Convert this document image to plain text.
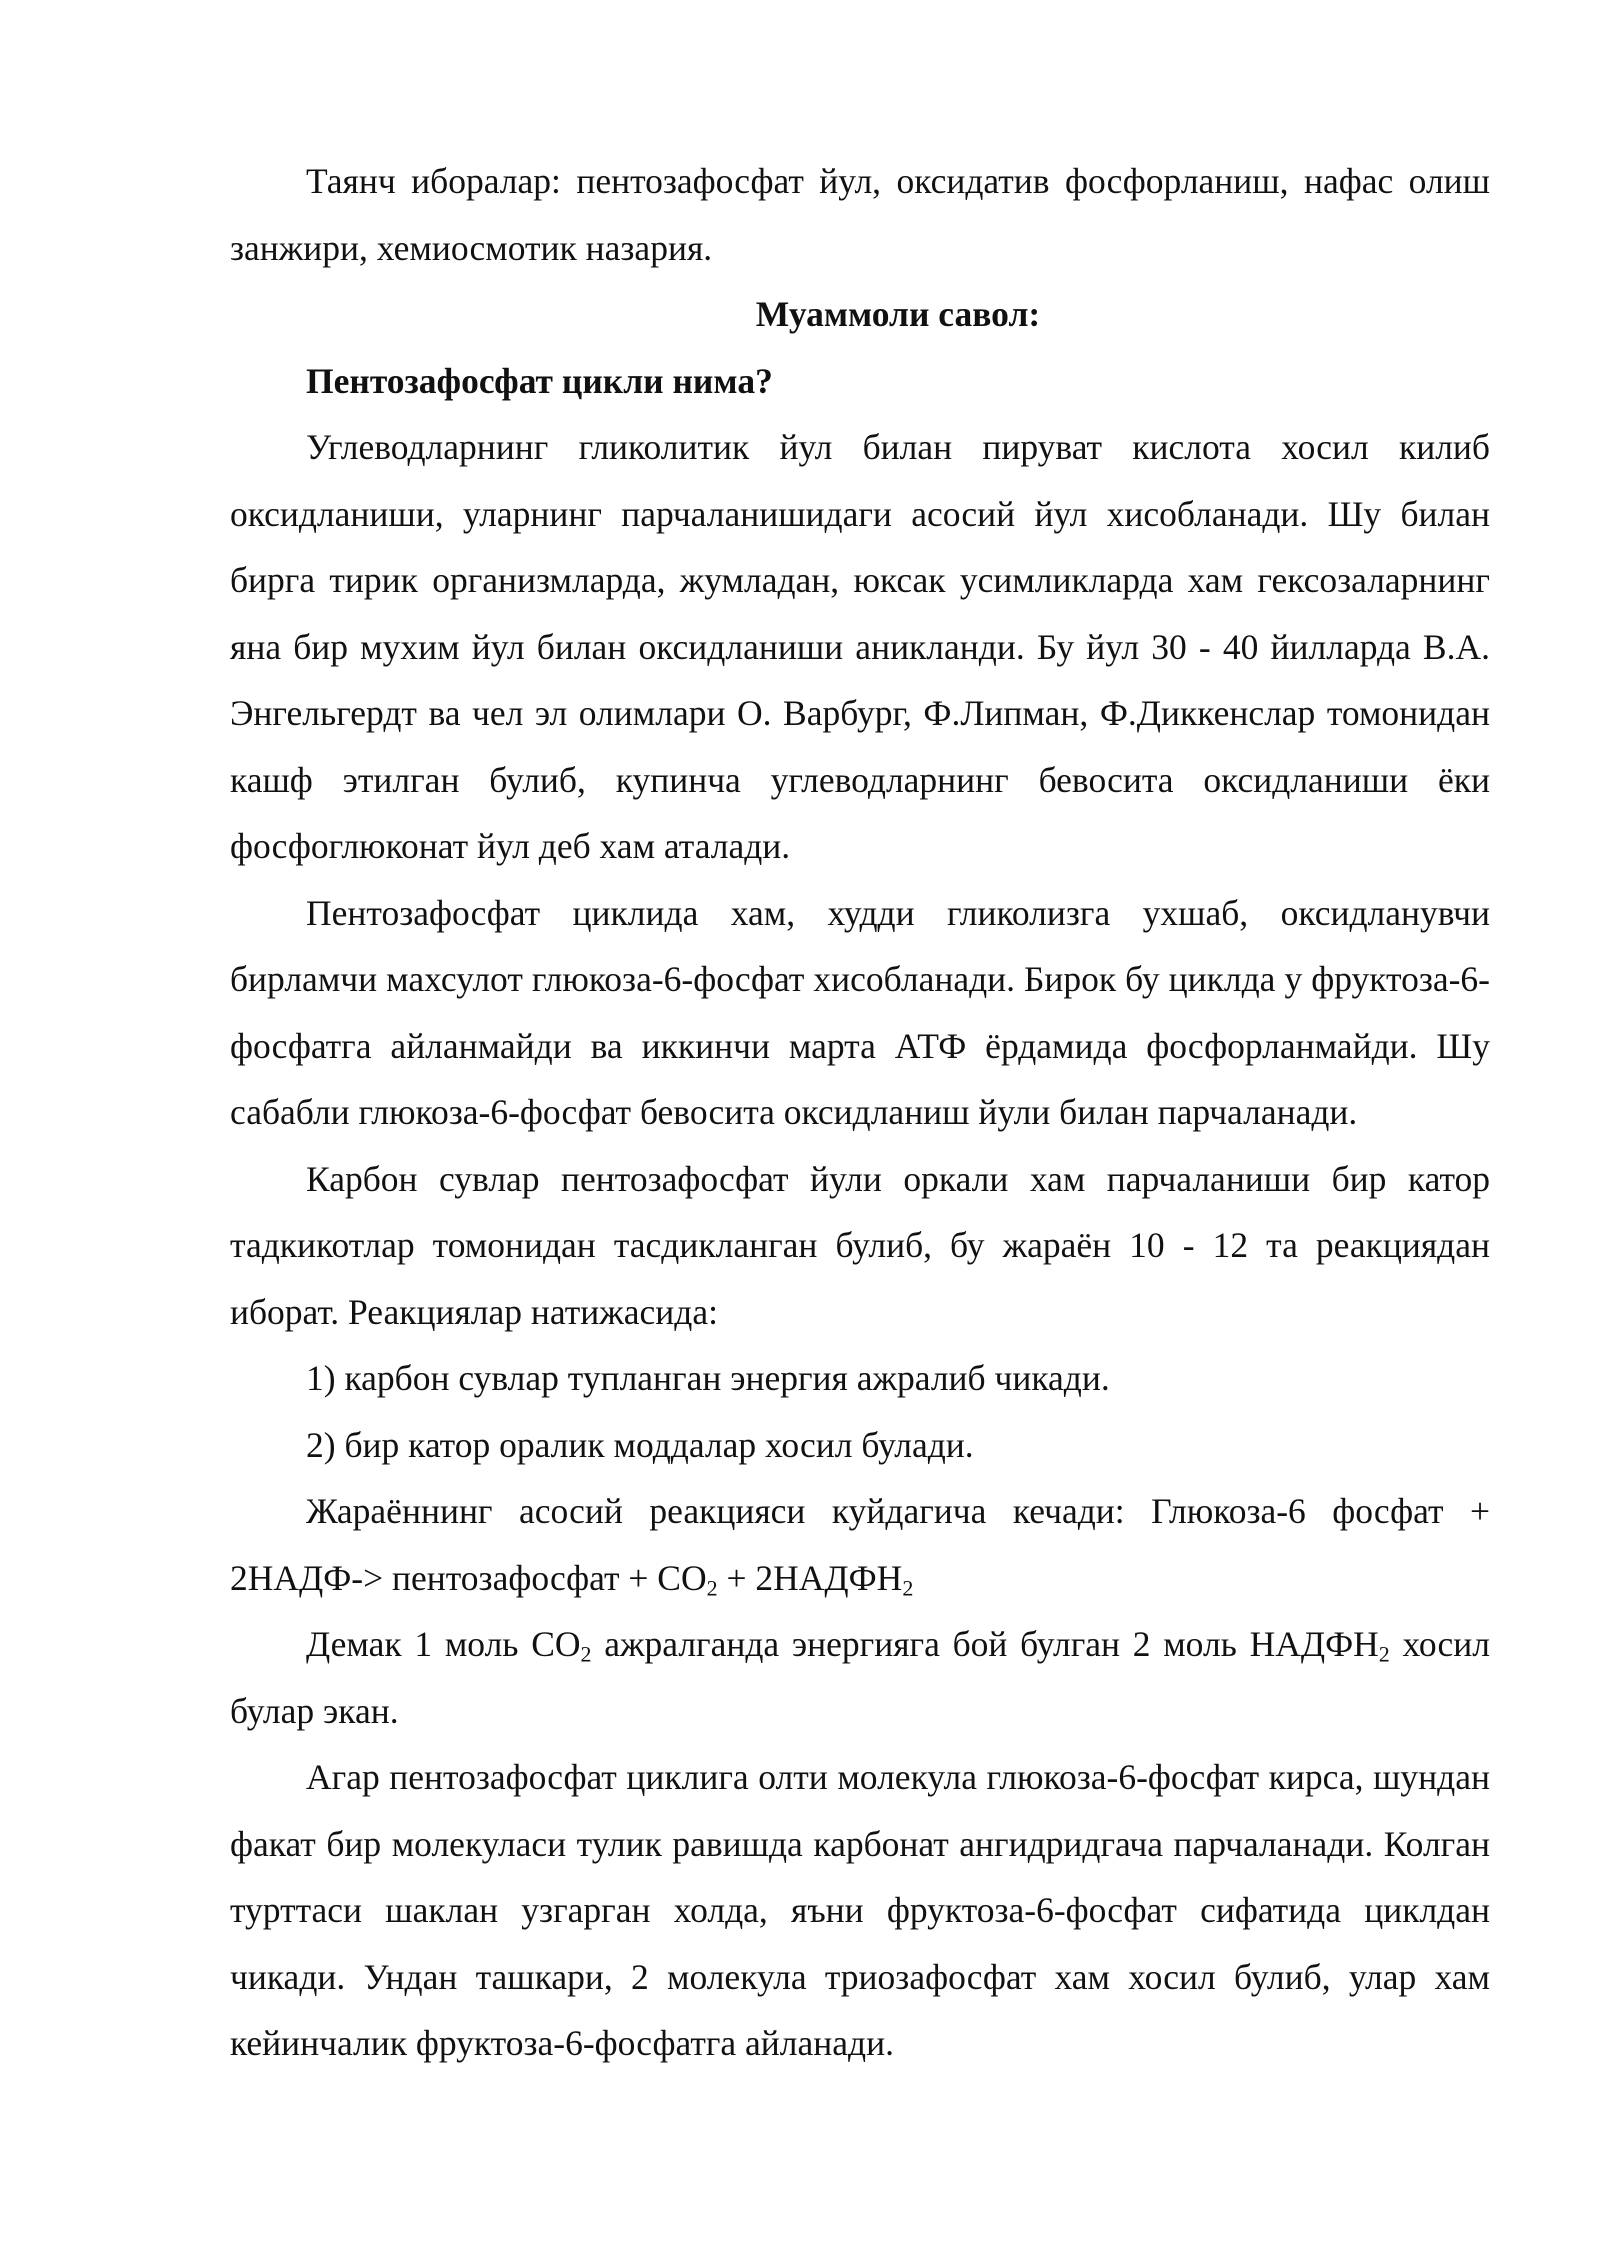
Таянч иборалар: пентозафосфат йул, оксидатив фосфорланиш, нафас олиш занжири, хемиосмотик назария.

Муаммоли савол:

Пентозафосфат цикли нима?

Углеводларнинг гликолитик йул билан пируват кислота хосил килиб оксидланиши, уларнинг парчаланишидаги асосий йул хисобланади. Шу билан бирга тирик организмларда, жумладан, юксак усимликларда хам гексозаларнинг яна бир мухим йул билан оксидланиши аникланди. Бу йул 30 - 40 йилларда В.А. Энгельгердт ва чел эл олимлари О. Варбург, Ф.Липман, Ф.Диккенслар томонидан кашф этилган булиб, купинча углеводларнинг бевосита оксидланиши ёки фосфоглюконат йул деб хам аталади.

Пентозафосфат циклида хам, худди гликолизга ухшаб, оксидланувчи бирламчи махсулот глюкоза-6-фосфат хисобланади. Бирок бу циклда у фруктоза-6-фосфатга айланмайди ва иккинчи марта АТФ ёрдамида фосфорланмайди. Шу сабабли глюкоза-6-фосфат бевосита оксидланиш йули билан парчаланади.

Карбон сувлар пентозафосфат йули оркали хам парчаланиши бир катор тадкикотлар томонидан тасдикланган булиб, бу жараён 10 - 12 та реакциядан иборат. Реакциялар натижасида:

1) карбон сувлар тупланган энергия ажралиб чикади.

2) бир катор оралик моддалар хосил булади.

Жараённинг асосий реакцияси куйдагича кечади: Глюкоза-6 фосфат + 2НАДФ-> пентозафосфат + $СО_2$ + $2НАДФН_2$

Демак 1 моль $СО_2$ ажралганда энергияга бой булган 2 моль $НАДФН_2$ хосил булар экан.

Агар пентозафосфат циклига олти молекула глюкоза-6-фосфат кирса, шундан факат бир молекуласи тулик равишда карбонат ангидридгача парчаланади. Колган турттаси шаклан узгарган холда, яъни фруктоза-6-фосфат сифатида циклдан чикади. Ундан ташкари, 2 молекула триозафосфат хам хосил булиб, улар хам кейинчалик фруктоза-6-фосфатга айланади.
